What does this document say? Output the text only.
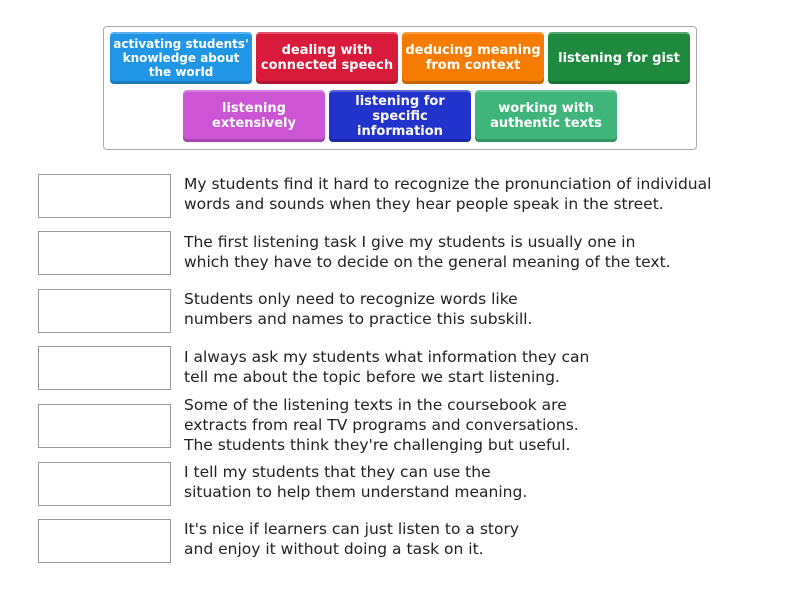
activating students' knowledge about the world
dealing with connected speech
deducing meaning from context	listening for gist
listening extensively
listening for specific information
working with authentic texts
My students find it hard to recognize the pronunciation of individual
words and sounds when they hear people speak in the street.
The first listening task I give my students is usually one in
which they have to decide on the general meaning of the text.
Students only need to recognize words like
numbers and names to practice this subskill.
I always ask my students what information they can
tell me about the topic before we start listening.
Some of the listening texts in the coursebook are
extracts from real TV programs and conversations.
The students think they're challenging but useful.
I tell my students that they can use the
situation to help them understand meaning.
It's nice if learners can just listen to a story
and enjoy it without doing a task on it.
